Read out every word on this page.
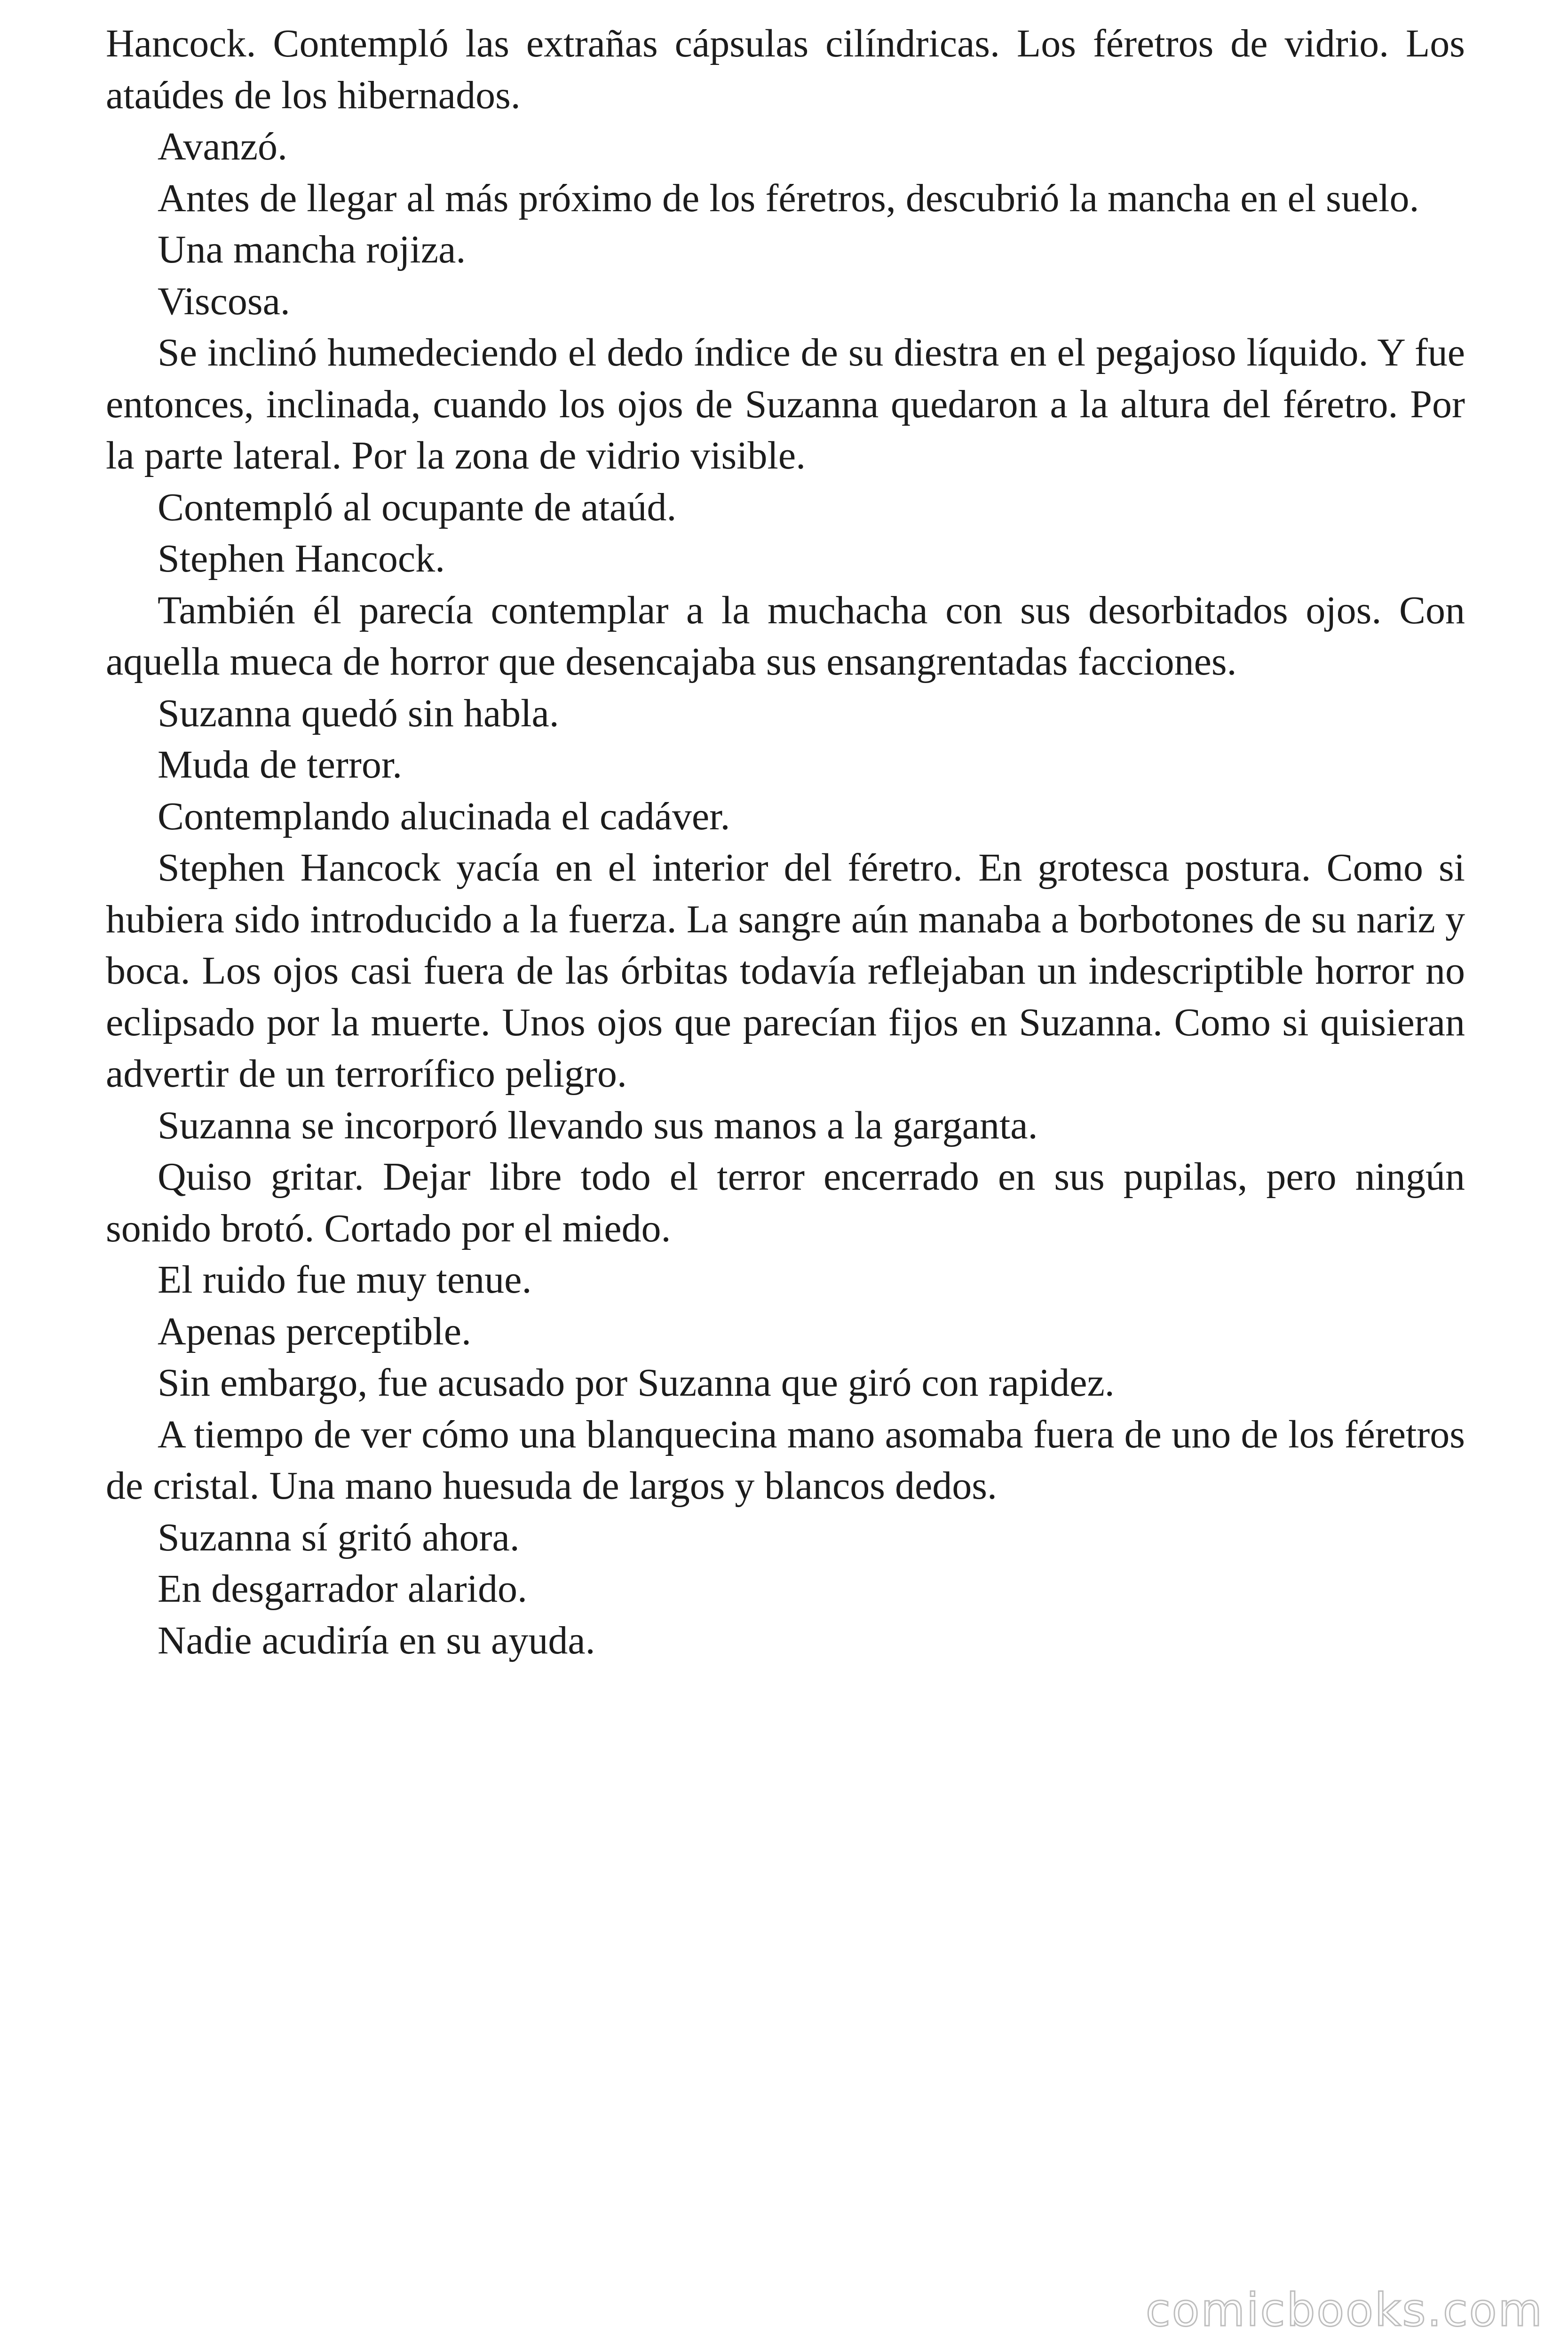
Hancock. Contempló las extrañas cápsulas cilíndricas. Los féretros de vidrio. Los ataúdes de los hibernados.

Avanzó.

Antes de llegar al más próximo de los féretros, descubrió la mancha en el suelo.

Una mancha rojiza.

Viscosa.

Se inclinó humedeciendo el dedo índice de su diestra en el pegajoso líquido. Y fue entonces, inclinada, cuando los ojos de Suzanna quedaron a la altura del féretro. Por la parte lateral. Por la zona de vidrio visible.

Contempló al ocupante de ataúd.

Stephen Hancock.

También él parecía contemplar a la muchacha con sus desorbitados ojos. Con aquella mueca de horror que desencajaba sus ensangrentadas facciones.

Suzanna quedó sin habla.

Muda de terror.

Contemplando alucinada el cadáver.

Stephen Hancock yacía en el interior del féretro. En grotesca postura. Como si hubiera sido introducido a la fuerza. La sangre aún manaba a borbotones de su nariz y boca. Los ojos casi fuera de las órbitas todavía reflejaban un indescriptible horror no eclipsado por la muerte. Unos ojos que parecían fijos en Suzanna. Como si quisieran advertir de un terrorífico peligro.

Suzanna se incorporó llevando sus manos a la garganta.

Quiso gritar. Dejar libre todo el terror encerrado en sus pupilas, pero ningún sonido brotó. Cortado por el miedo.

El ruido fue muy tenue.

Apenas perceptible.

Sin embargo, fue acusado por Suzanna que giró con rapidez.

A tiempo de ver cómo una blanquecina mano asomaba fuera de uno de los féretros de cristal. Una mano huesuda de largos y blancos dedos.

Suzanna sí gritó ahora.

En desgarrador alarido.

Nadie acudiría en su ayuda.

comicbooks.com
